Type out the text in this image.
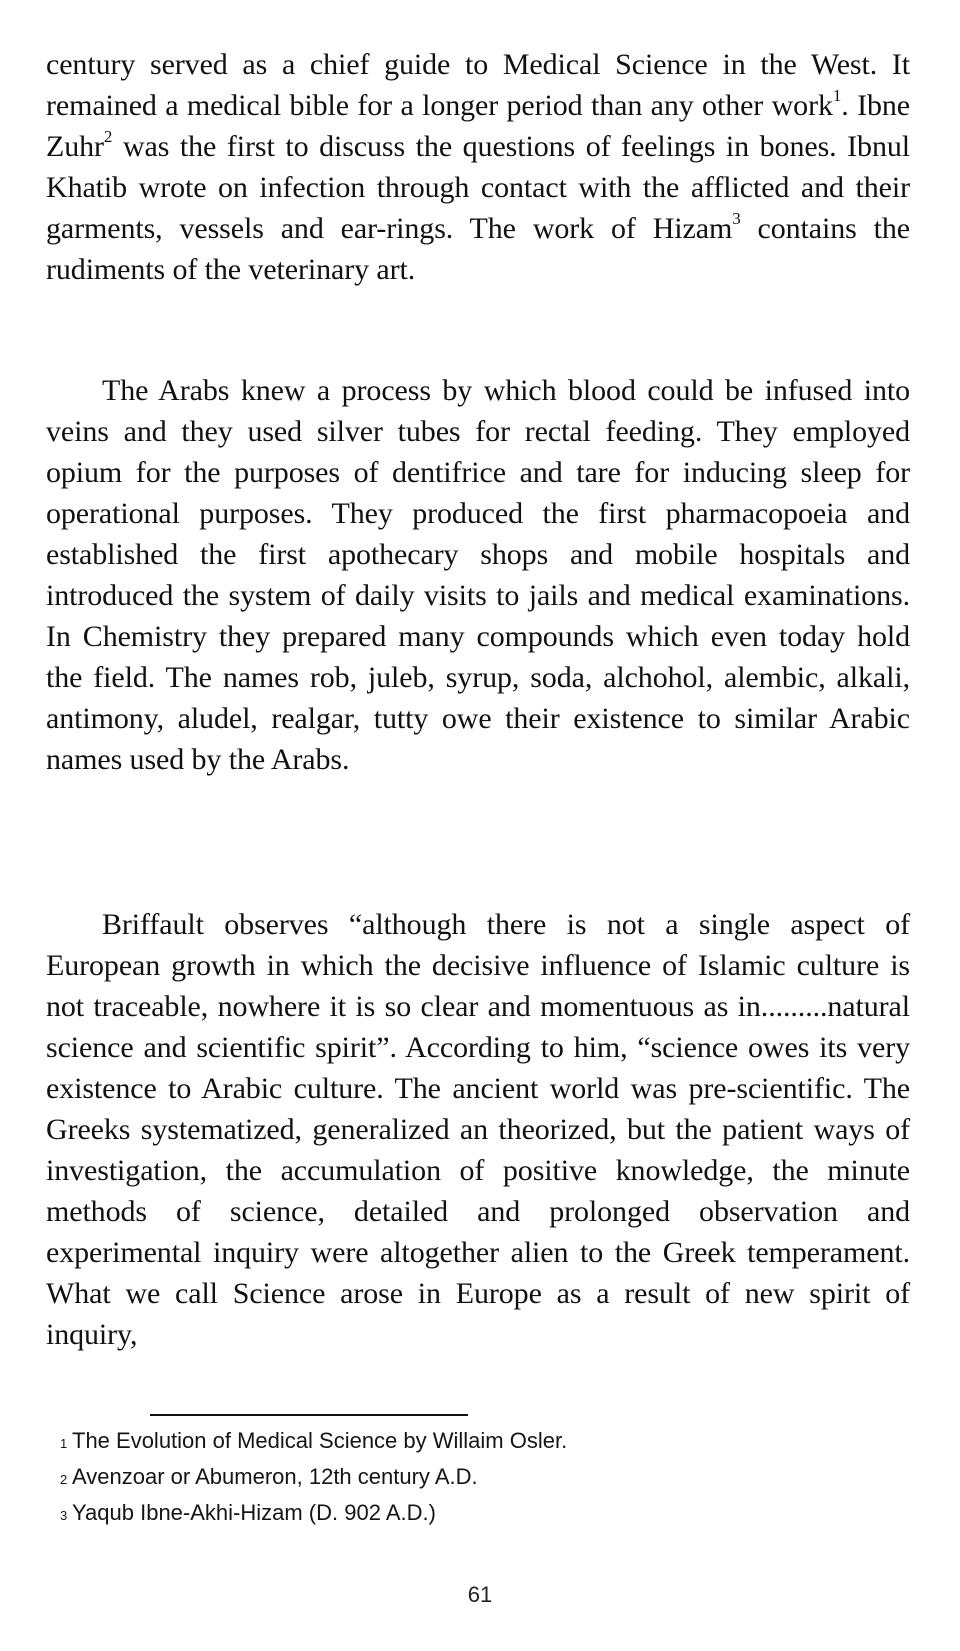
century served as a chief guide to Medical Science in the West. It remained a medical bible for a longer period than any other work$^1$. Ibne Zuhr$^2$ was the first to discuss the questions of feelings in bones. Ibnul Khatib wrote on infection through contact with the afflicted and their garments, vessels and ear-rings. The work of Hizam$^3$ contains the rudiments of the veterinary art.

The Arabs knew a process by which blood could be infused into veins and they used silver tubes for rectal feeding. They employed opium for the purposes of dentifrice and tare for inducing sleep for operational purposes. They produced the first pharmacopoeia and established the first apothecary shops and mobile hospitals and introduced the system of daily visits to jails and medical examinations. In Chemistry they prepared many compounds which even today hold the field. The names rob, juleb, syrup, soda, alchohol, alembic, alkali, antimony, aludel, realgar, tutty owe their existence to similar Arabic names used by the Arabs.

Briffault observes “although there is not a single aspect of European growth in which the decisive influence of Islamic culture is not traceable, nowhere it is so clear and momentuous as in.........natural science and scientific spirit”. According to him, “science owes its very existence to Arabic culture. The ancient world was pre-scientific. The Greeks systematized, generalized an theorized, but the patient ways of investigation, the accumulation of positive knowledge, the minute methods of science, detailed and prolonged observation and experimental inquiry were altogether alien to the Greek temperament. What we call Science arose in Europe as a result of new spirit of inquiry,

1 The Evolution of Medical Science by Willaim Osler.
2 Avenzoar or Abumeron, 12th century A.D.
3 Yaqub Ibne-Akhi-Hizam (D. 902 A.D.)
61
